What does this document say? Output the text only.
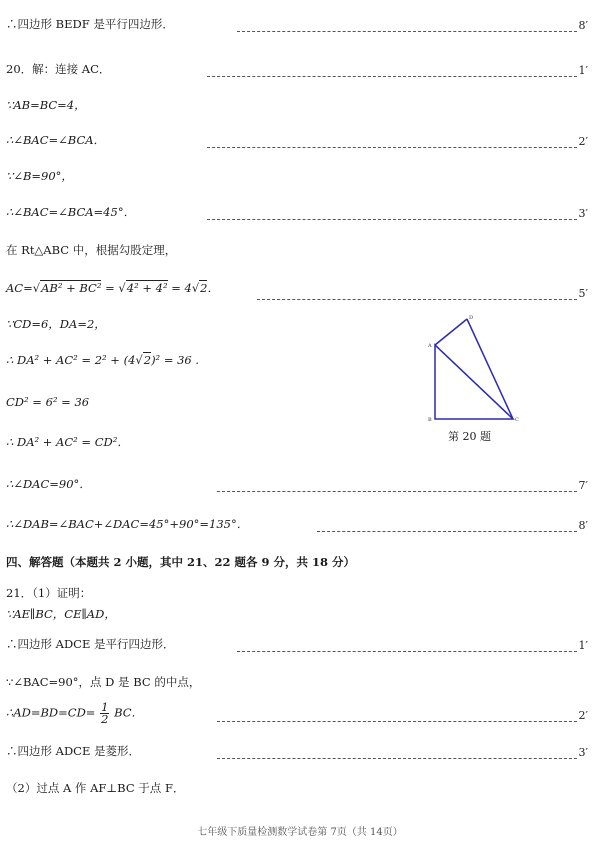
∴四边形 BEDF 是平行四边形．	8′
20．解：连接 AC．	1′
∵AB=BC=4，
∴∠BAC=∠BCA．	2′
∵∠B=90°，
∴∠BAC=∠BCA=45°．	3′
在 Rt△ABC 中，根据勾股定理，
AC=√AB² + BC² = √4² + 4² = 4√2．	5′
∵CD=6，DA=2，
∴ DA² + AC² = 2² + (4√2)² = 36 .
CD² = 6² = 36
∴ DA² + AC² = CD²．
A
B	C
D
第 20 题
∴∠DAC=90°．	7′
∴∠DAB=∠BAC+∠DAC=45°+90°=135°．	8′
四、解答题（本题共 2 小题，其中 21、22 题各 9 分，共 18 分）
21．（1）证明：
∵AE∥BC，CE∥AD，
∴四边形 ADCE 是平行四边形．	1′
∵∠BAC=90°，点 D 是 BC 的中点，
∴AD=BD=CD= $\frac{1}{2}$ BC．	2′
∴四边形 ADCE 是菱形．	3′
（2）过点 A 作 AF⊥BC 于点 F．
七年级下质量检测数学试卷第 7页（共 14页）
